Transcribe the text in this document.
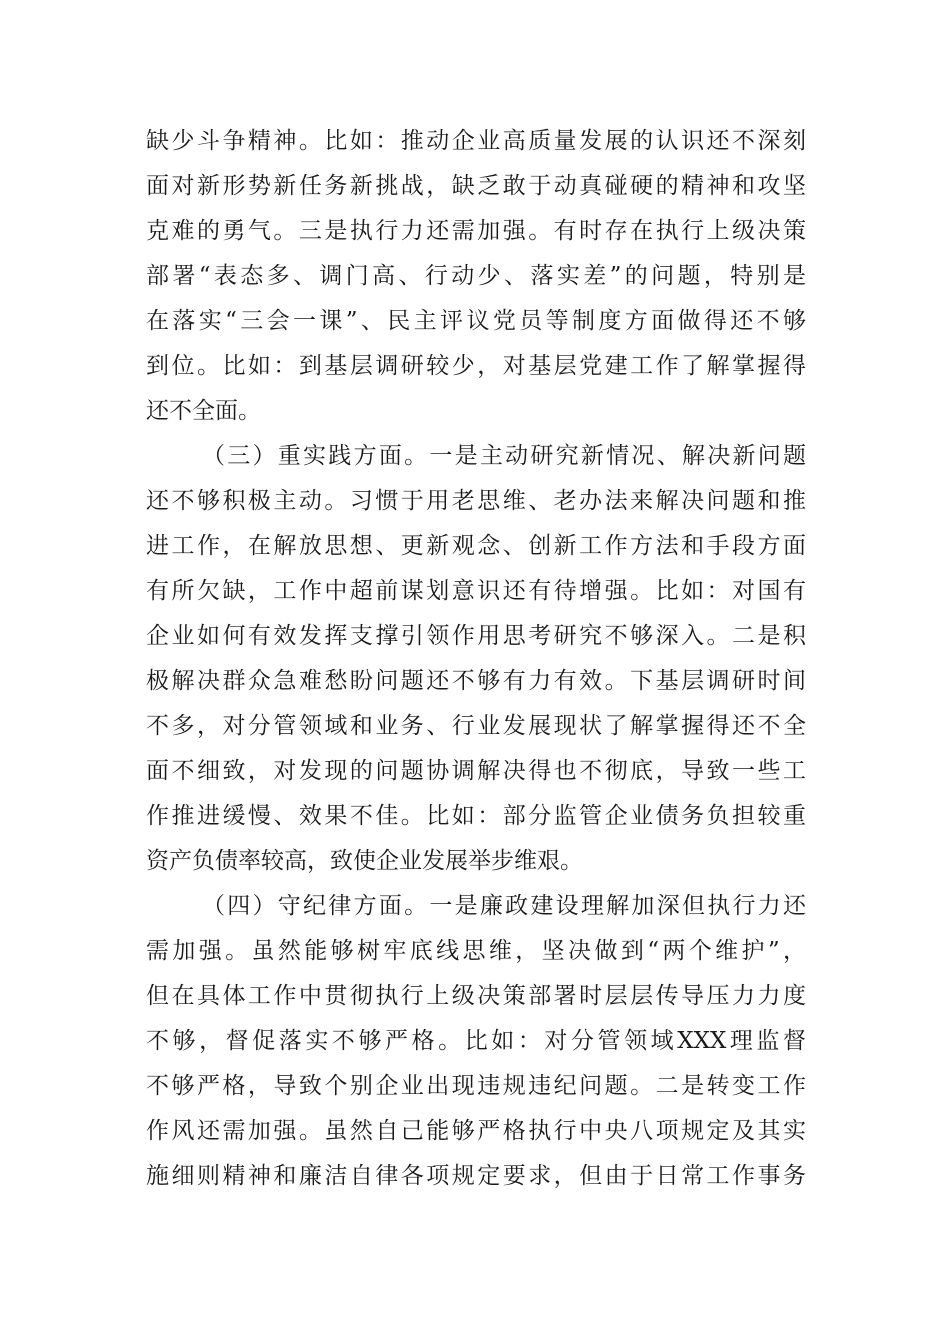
缺少斗争精神。比如：推动企业高质量发展的认识还不深刻
面对新形势新任务新挑战，缺乏敢于动真碰硬的精神和攻坚
克难的勇气。三是执行力还需加强。有时存在执行上级决策
部署“表态多、调门高、行动少、落实差”的问题，特别是
在落实“三会一课”、民主评议党员等制度方面做得还不够
到位。比如：到基层调研较少，对基层党建工作了解掌握得
还不全面。
（三）重实践方面。一是主动研究新情况、解决新问题
还不够积极主动。习惯于用老思维、老办法来解决问题和推
进工作，在解放思想、更新观念、创新工作方法和手段方面
有所欠缺，工作中超前谋划意识还有待增强。比如：对国有
企业如何有效发挥支撑引领作用思考研究不够深入。二是积
极解决群众急难愁盼问题还不够有力有效。下基层调研时间
不多，对分管领域和业务、行业发展现状了解掌握得还不全
面不细致，对发现的问题协调解决得也不彻底，导致一些工
作推进缓慢、效果不佳。比如：部分监管企业债务负担较重
资产负债率较高，致使企业发展举步维艰。
（四）守纪律方面。一是廉政建设理解加深但执行力还
需加强。虽然能够树牢底线思维，坚决做到“两个维护”，
但在具体工作中贯彻执行上级决策部署时层层传导压力力度
不够，督促落实不够严格。比如：对分管领域XXX理监督
不够严格，导致个别企业出现违规违纪问题。二是转变工作
作风还需加强。虽然自己能够严格执行中央八项规定及其实
施细则精神和廉洁自律各项规定要求，但由于日常工作事务
